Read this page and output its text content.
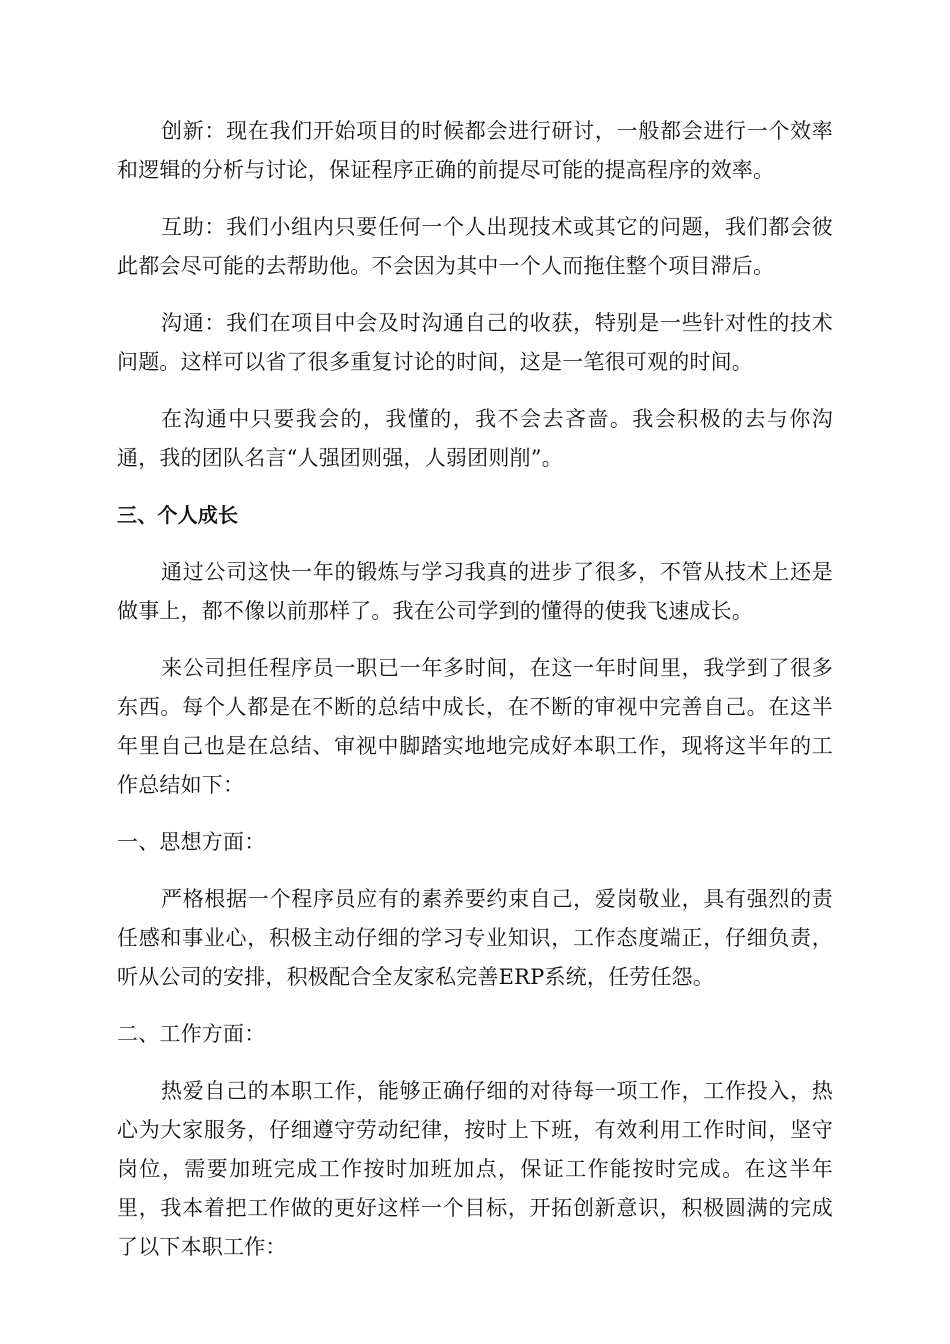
创新：现在我们开始项目的时候都会进行研讨，一般都会进行一个效率和逻辑的分析与讨论，保证程序正确的前提尽可能的提高程序的效率。

互助：我们小组内只要任何一个人出现技术或其它的问题，我们都会彼此都会尽可能的去帮助他。不会因为其中一个人而拖住整个项目滞后。

沟通：我们在项目中会及时沟通自己的收获，特别是一些针对性的技术问题。这样可以省了很多重复讨论的时间，这是一笔很可观的时间。

在沟通中只要我会的，我懂的，我不会去吝啬。我会积极的去与你沟通，我的团队名言“人强团则强，人弱团则削”。

三、个人成长

通过公司这快一年的锻炼与学习我真的进步了很多，不管从技术上还是做事上，都不像以前那样了。我在公司学到的懂得的使我飞速成长。

来公司担任程序员一职已一年多时间，在这一年时间里，我学到了很多东西。每个人都是在不断的总结中成长，在不断的审视中完善自己。在这半年里自己也是在总结、审视中脚踏实地地完成好本职工作，现将这半年的工作总结如下：

一、思想方面：

严格根据一个程序员应有的素养要约束自己，爱岗敬业，具有强烈的责任感和事业心，积极主动仔细的学习专业知识，工作态度端正，仔细负责，听从公司的安排，积极配合全友家私完善ERP系统，任劳任怨。

二、工作方面：

热爱自己的本职工作，能够正确仔细的对待每一项工作，工作投入，热心为大家服务，仔细遵守劳动纪律，按时上下班，有效利用工作时间，坚守岗位，需要加班完成工作按时加班加点，保证工作能按时完成。在这半年里，我本着把工作做的更好这样一个目标，开拓创新意识，积极圆满的完成了以下本职工作：
